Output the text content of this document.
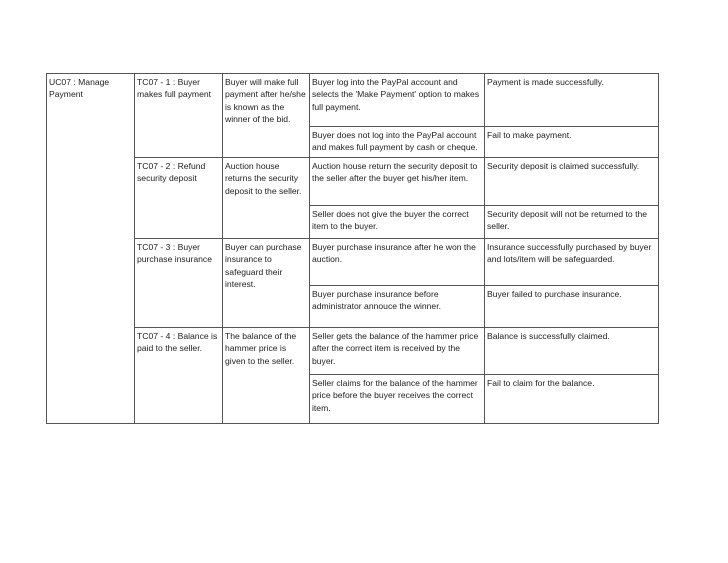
UC07 : Manage Payment	TC07 - 1 : Buyer makes full payment	Buyer will make full payment after he/she is known as the winner of the bid.	Buyer log into the PayPal account and selects the 'Make Payment' option to makes full payment.	Payment is made successfully.
			Buyer does not log into the PayPal account and makes full payment by cash or cheque.	Fail to make payment.
	TC07 - 2 : Refund security deposit	Auction house returns the security deposit to the seller.	Auction house return the security deposit to the seller after the buyer get his/her item.	Security deposit is claimed successfully.
			Seller does not give the buyer the correct item to the buyer.	Security deposit will not be returned to the seller.
	TC07 - 3 : Buyer purchase insurance	Buyer can purchase insurance to safeguard their interest.	Buyer purchase insurance after he won the auction.	Insurance successfully purchased by buyer and lots/item will be safeguarded.
			Buyer purchase insurance before administrator annouce the winner.	Buyer failed to purchase insurance.
	TC07 - 4 : Balance is paid to the seller.	The balance of the hammer price is given to the seller.	Seller gets the balance of the hammer price after the correct item is received by the buyer.	Balance is successfully claimed.
			Seller claims for the balance of the hammer price before the buyer receives the correct item.	Fail to claim for the balance.
